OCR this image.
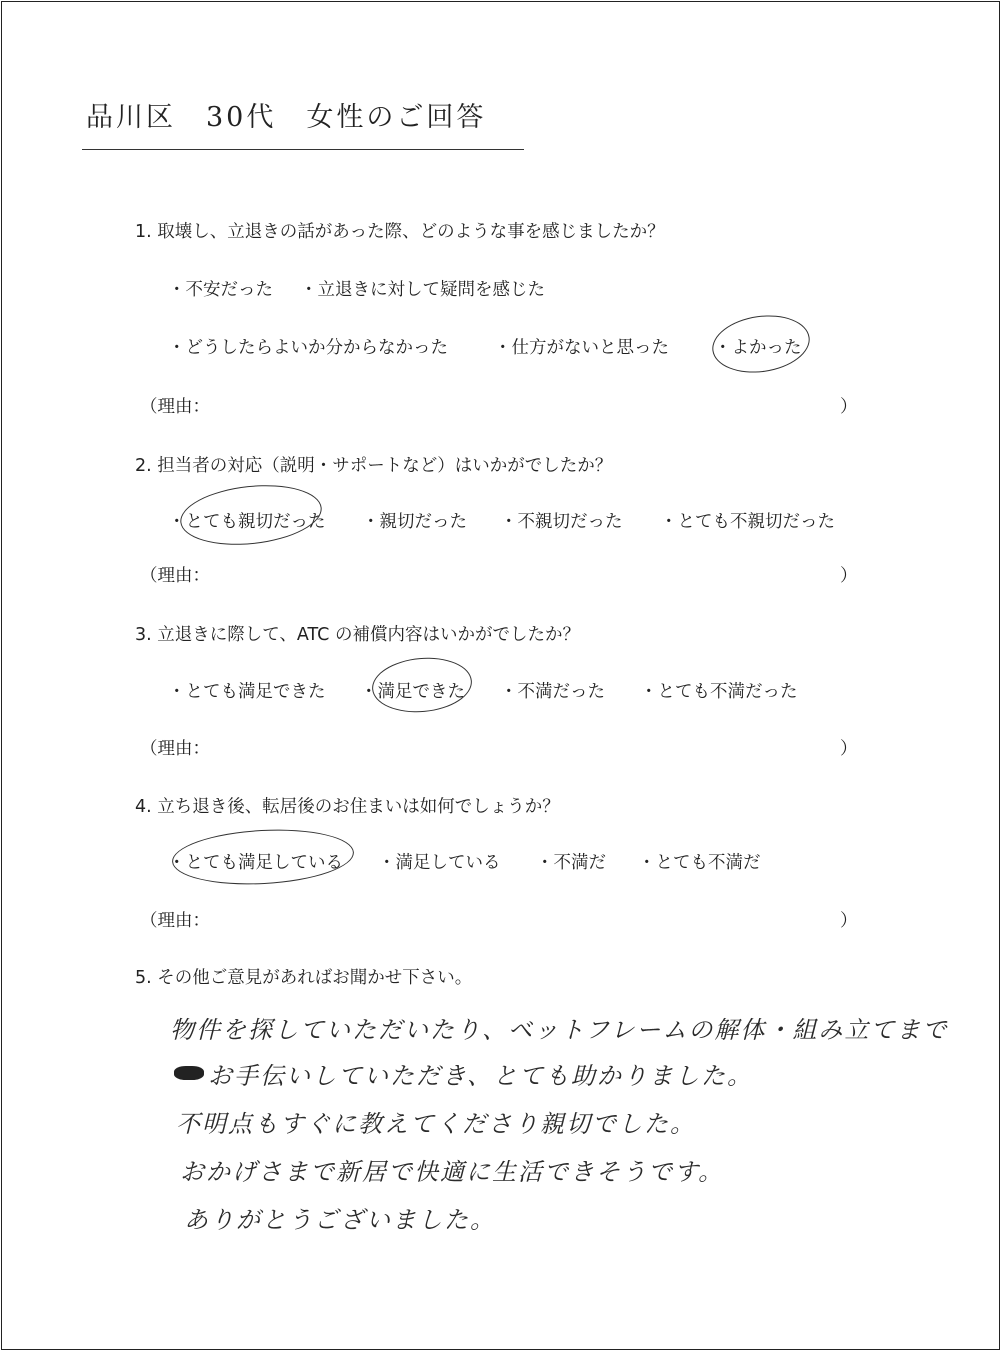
品川区　30代　女性のご回答
1. 取壊し、立退きの話があった際、どのような事を感じましたか？
・不安だった ・立退きに対して疑問を感じた
・どうしたらよいか分からなかった	・仕方がないと思った	・よかった
（理由：	）
2. 担当者の対応（説明・サポートなど）はいかがでしたか？
・とても親切だった ・親切だった ・不親切だった ・とても不親切だった
（理由：	）
3. 立退きに際して、ATC の補償内容はいかがでしたか？
・とても満足できた ・満足できた ・不満だった ・とても不満だった
（理由：	）
4. 立ち退き後、転居後のお住まいは如何でしょうか？
・とても満足している ・満足している ・不満だ ・とても不満だ
（理由：	）
5. その他ご意見があればお聞かせ下さい。
物件を探していただいたり、ベットフレームの解体・組み立てまで
お手伝いしていただき、とても助かりました。
不明点もすぐに教えてくださり親切でした。
おかげさまで新居で快適に生活できそうです。
ありがとうございました。
